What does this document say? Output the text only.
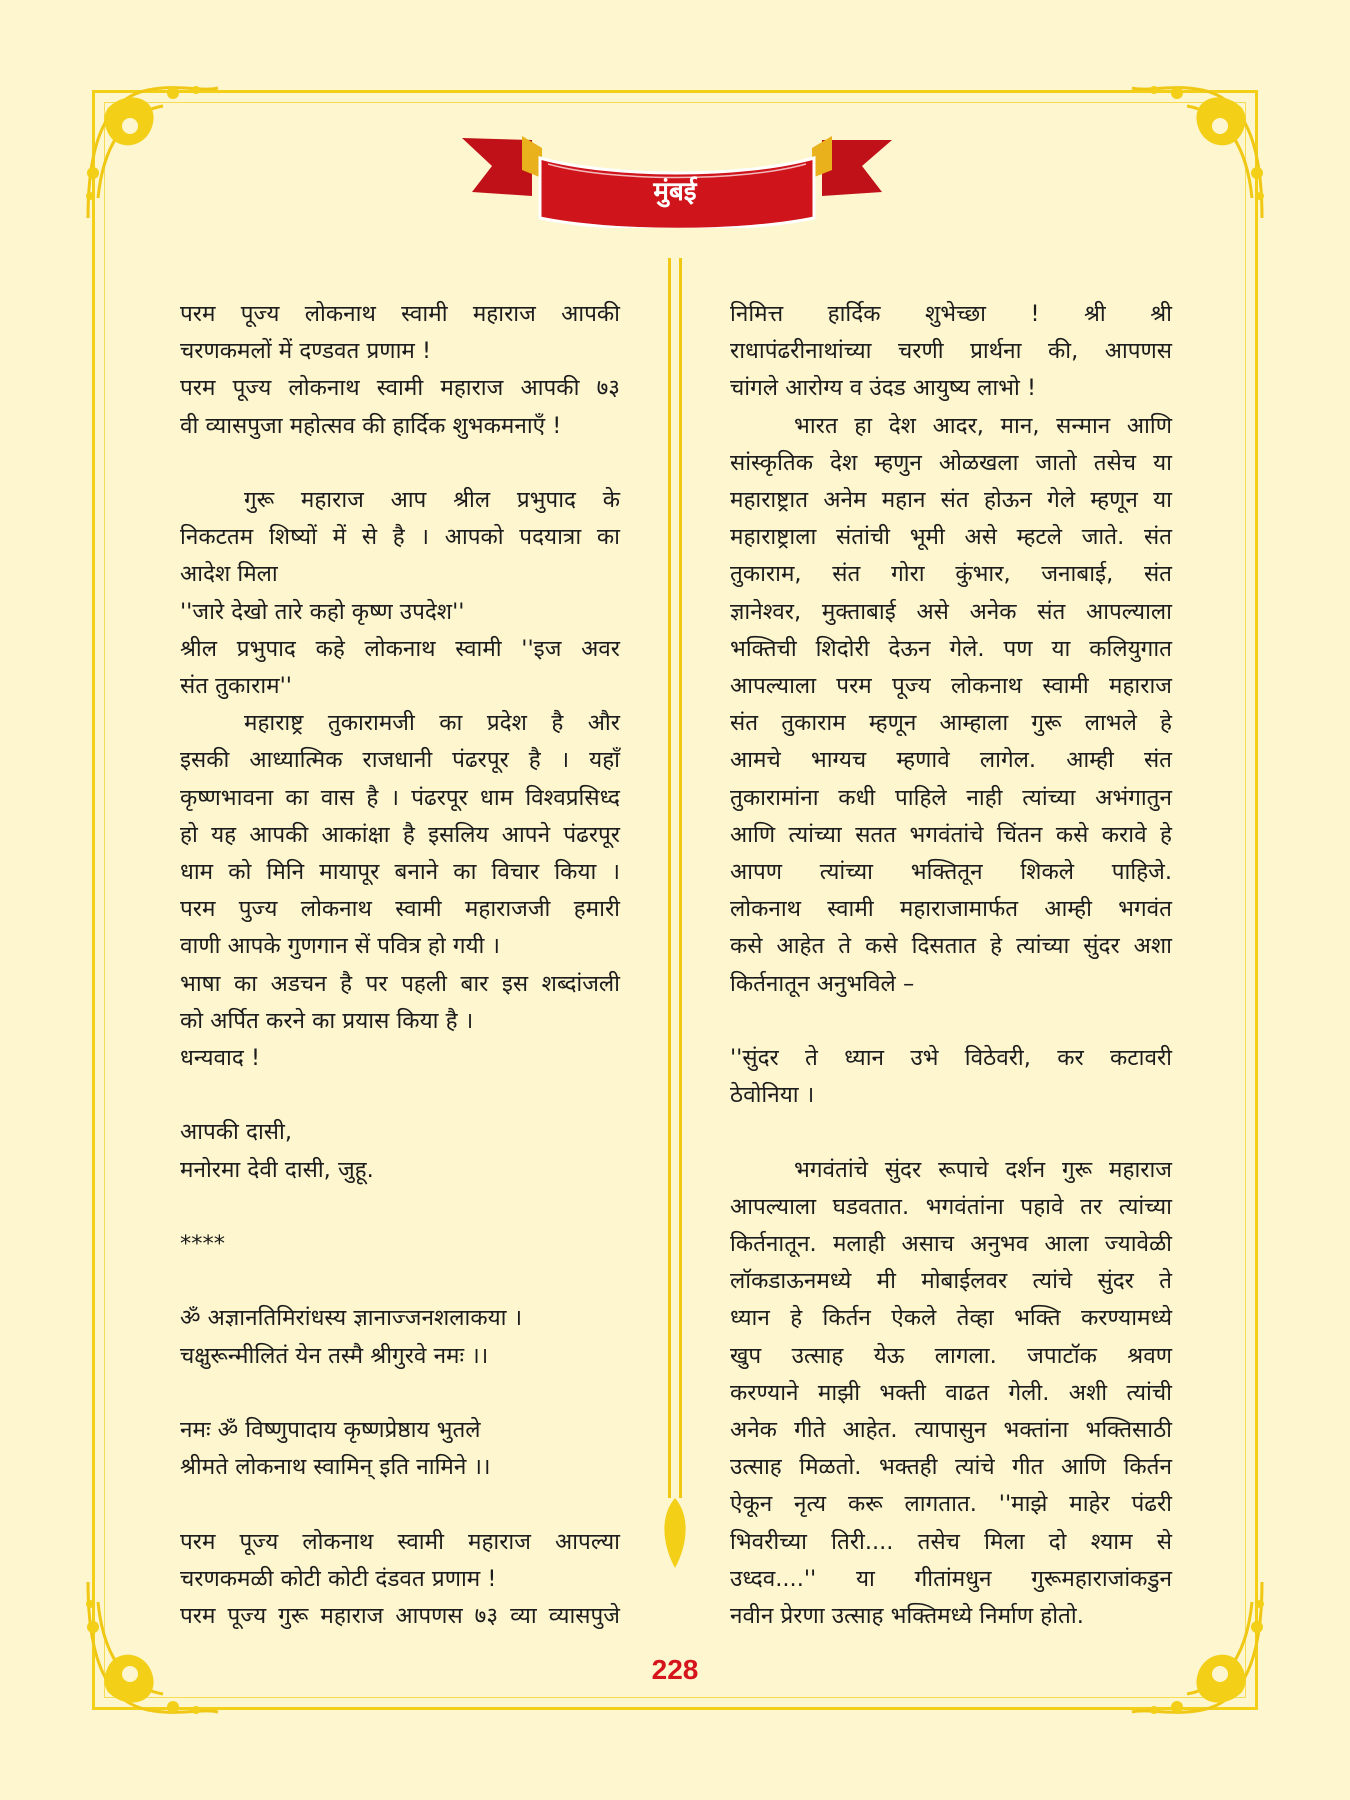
मुंबई

परम पूज्य लोकनाथ स्वामी महाराज आपकी

चरणकमलों में दण्डवत प्रणाम !

परम पूज्य लोकनाथ स्वामी महाराज आपकी ७३

वी व्यासपुजा महोत्सव की हार्दिक शुभकमनाएँ !

गुरू महाराज आप श्रील प्रभुपाद के

निकटतम शिष्यों में से है । आपको पदयात्रा का

आदेश मिला

''जारे देखो तारे कहो कृष्ण उपदेश''

श्रील प्रभुपाद कहे लोकनाथ स्वामी ''इज अवर

संत तुकाराम''

महाराष्ट्र तुकारामजी का प्रदेश है और

इसकी आध्यात्मिक राजधानी पंढरपूर है । यहाँ

कृष्णभावना का वास है । पंढरपूर धाम विश्वप्रसिध्द

हो यह आपकी आकांक्षा है इसलिय आपने पंढरपूर

धाम को मिनि मायापूर बनाने का विचार किया ।

परम पुज्य लोकनाथ स्वामी महाराजजी हमारी

वाणी आपके गुणगान सें पवित्र हो गयी ।

भाषा का अडचन है पर पहली बार इस शब्दांजली

को अर्पित करने का प्रयास किया है ।

धन्यवाद !

आपकी दासी,

मनोरमा देवी दासी, जुहू.

****

ॐ अज्ञानतिमिरांधस्य ज्ञानाज्जनशलाकया ।

चक्षुरून्मीलितं येन तस्मै श्रीगुरवे नमः ।।

नमः ॐ विष्णुपादाय कृष्णप्रेष्ठाय भुतले

श्रीमते लोकनाथ स्वामिन् इति नामिने ।।

परम पूज्य लोकनाथ स्वामी महाराज आपल्या

चरणकमळी कोटी कोटी दंडवत प्रणाम !

परम पूज्य गुरू महाराज आपणस ७३ व्या व्यासपुजे

निमित्त हार्दिक शुभेच्छा ! श्री श्री

राधापंढरीनाथांच्या चरणी प्रार्थना की, आपणस

चांगले आरोग्य व उंदड आयुष्य लाभो !

भारत हा देश आदर, मान, सन्मान आणि

सांस्कृतिक देश म्हणुन ओळखला जातो तसेच या

महाराष्ट्रात अनेम महान संत होऊन गेले म्हणून या

महाराष्ट्राला संतांची भूमी असे म्हटले जाते. संत

तुकाराम, संत गोरा कुंभार, जनाबाई, संत

ज्ञानेश्वर, मुक्ताबाई असे अनेक संत आपल्याला

भक्तिची शिदोरी देऊन गेले. पण या कलियुगात

आपल्याला परम पूज्य लोकनाथ स्वामी महाराज

संत तुकाराम म्हणून आम्हाला गुरू लाभले हे

आमचे भाग्यच म्हणावे लागेल. आम्ही संत

तुकारामांना कधी पाहिले नाही त्यांच्या अभंगातुन

आणि त्यांच्या सतत भगवंतांचे चिंतन कसे करावे हे

आपण त्यांच्या भक्तितून शिकले पाहिजे.

लोकनाथ स्वामी महाराजामार्फत आम्ही भगवंत

कसे आहेत ते कसे दिसतात हे त्यांच्या सुंदर अशा

किर्तनातून अनुभविले –

''सुंदर ते ध्यान उभे विठेवरी, कर कटावरी

ठेवोनिया ।

भगवंतांचे सुंदर रूपाचे दर्शन गुरू महाराज

आपल्याला घडवतात. भगवंतांना पहावे तर त्यांच्या

किर्तनातून. मलाही असाच अनुभव आला ज्यावेळी

लॉकडाऊनमध्ये मी मोबाईलवर त्यांचे सुंदर ते

ध्यान हे किर्तन ऐकले तेव्हा भक्ति करण्यामध्ये

खुप उत्साह येऊ लागला. जपाटॉक श्रवण

करण्याने माझी भक्ती वाढत गेली. अशी त्यांची

अनेक गीते आहेत. त्यापासुन भक्तांना भक्तिसाठी

उत्साह मिळतो. भक्तही त्यांचे गीत आणि किर्तन

ऐकून नृत्य करू लागतात. ''माझे माहेर पंढरी

भिवरीच्या तिरी.... तसेच मिला दो श्याम से

उध्दव....'' या गीतांमधुन गुरूमहाराजांकडुन

नवीन प्रेरणा उत्साह भक्तिमध्ये निर्माण होतो.

228
